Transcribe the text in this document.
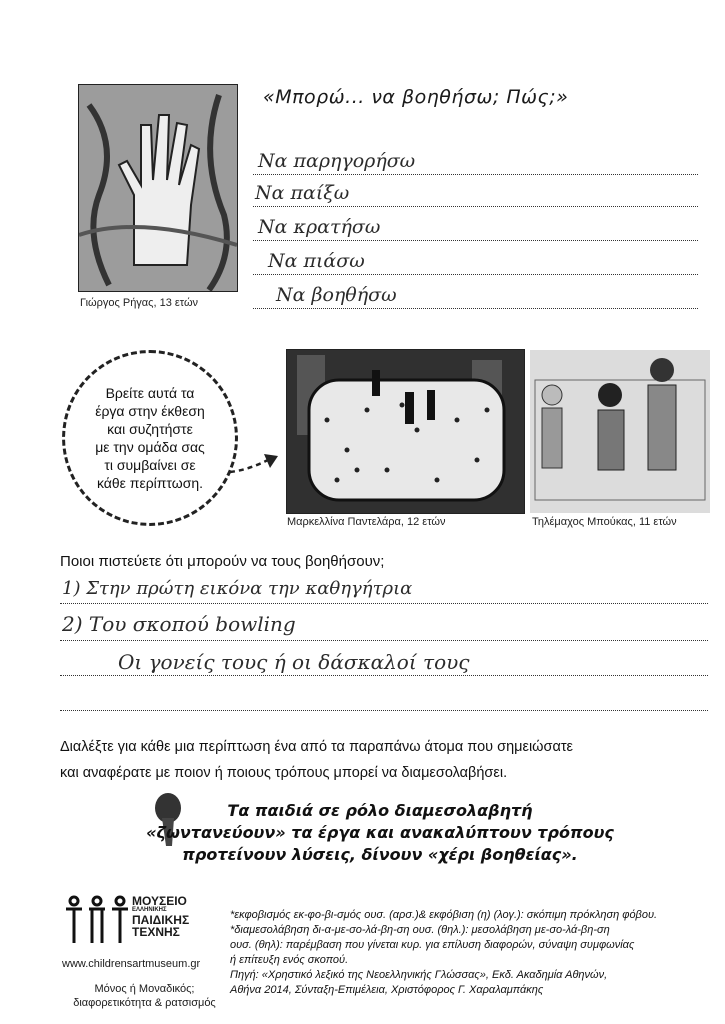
Γιώργος Ρήγας, 13 ετών
«Μπορώ... να βοηθήσω; Πώς;»
Να παρηγορήσω
Να παίξω
Να κρατήσω
Να πιάσω
Να βοηθήσω
Βρείτε αυτά τα
έργα στην έκθεση
και συζητήστε
με την ομάδα σας
τι συμβαίνει σε
κάθε περίπτωση.
Μαρκελλίνα Παντελάρα, 12 ετών	Τηλέμαχος Μπούκας, 11 ετών
Ποιοι πιστεύετε ότι μπορούν να τους βοηθήσουν;
1) Στην πρώτη εικόνα την καθηγήτρια
2) Του σκοπού bowling
Οι γονείς τους ή οι δάσκαλοί τους
Διαλέξτε για κάθε μια περίπτωση ένα από τα παραπάνω άτομα που σημειώσατε
και αναφέρατε με ποιον ή ποιους τρόπους μπορεί να διαμεσολαβήσει.
Τα παιδιά σε ρόλο διαμεσολαβητή
«ζωντανεύουν» τα έργα και ανακαλύπτουν τρόπους
προτείνουν λύσεις, δίνουν «χέρι βοηθείας».
ΜΟΥΣΕΙΟ
ΕΛΛΗΝΙΚΗΣ
ΠΑΙΔΙΚΗΣ
ΤΕΧΝΗΣ
www.childrensartmuseum.gr
Μόνος ή Μοναδικός;
διαφορετικότητα & ρατσισμός
*εκφοβισμός εκ-φο-βι-σμός ουσ. (αρσ.)& εκφόβιση (η) (λογ.): σκόπιμη πρόκληση φόβου.
*διαμεσολάβηση δι-α-με-σο-λά-βη-ση ουσ. (θηλ.): μεσολάβηση με-σο-λά-βη-ση
ουσ. (θηλ): παρέμβαση που γίνεται κυρ. για επίλυση διαφορών, σύναψη συμφωνίας
ή επίτευξη ενός σκοπού.
Πηγή: «Χρηστικό λεξικό της Νεοελληνικής Γλώσσας», Εκδ. Ακαδημία Αθηνών,
Αθήνα 2014, Σύνταξη-Επιμέλεια, Χριστόφορος Γ. Χαραλαμπάκης
